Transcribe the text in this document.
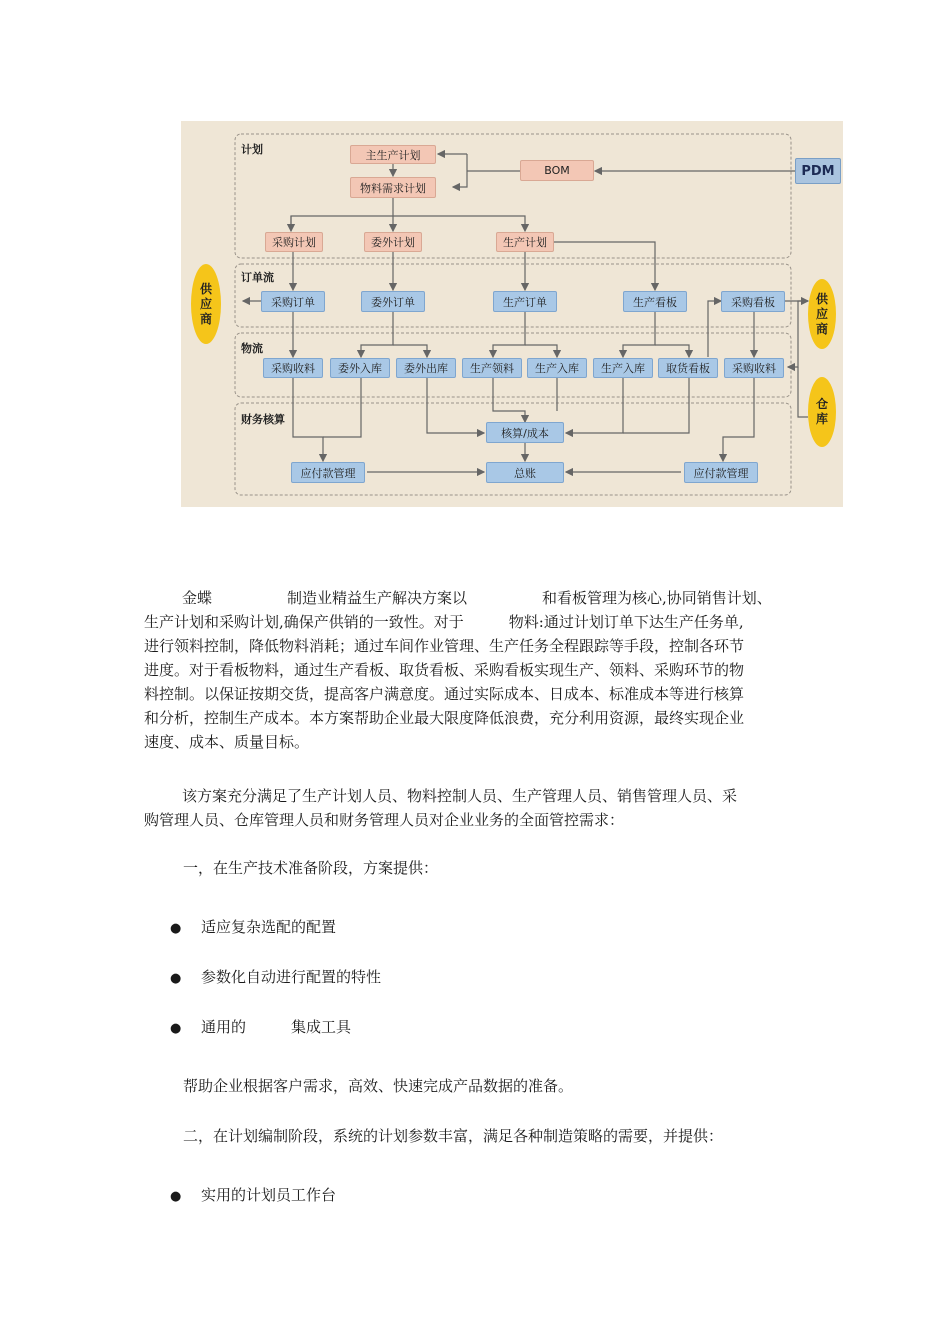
计划
订单流
物流
财务核算
主生产计划
物料需求计划
BOM	PDM
采购计划	委外计划	生产计划
采购订单	委外订单	生产订单	生产看板	采购看板
采购收料	委外入库	委外出库	生产领料	生产入库	生产入库	取货看板	采购收料
核算/成本
应付款管理	总账	应付款管理
供应商
供应商
仓库
金蝶　　　　　制造业精益生产解决方案以　　　　　和看板管理为核心,协同销售计划、
生产计划和采购计划,确保产供销的一致性。对于　　　物料:通过计划订单下达生产任务单,
进行领料控制，降低物料消耗；通过车间作业管理、生产任务全程跟踪等手段，控制各环节
进度。对于看板物料，通过生产看板、取货看板、采购看板实现生产、领料、采购环节的物
料控制。以保证按期交货，提高客户满意度。通过实际成本、日成本、标准成本等进行核算
和分析，控制生产成本。本方案帮助企业最大限度降低浪费，充分利用资源，最终实现企业
速度、成本、质量目标。
该方案充分满足了生产计划人员、物料控制人员、生产管理人员、销售管理人员、采
购管理人员、仓库管理人员和财务管理人员对企业业务的全面管控需求：
一，在生产技术准备阶段，方案提供：
● 适应复杂选配的配置
● 参数化自动进行配置的特性
● 通用的　　　集成工具
帮助企业根据客户需求，高效、快速完成产品数据的准备。
二，在计划编制阶段，系统的计划参数丰富，满足各种制造策略的需要，并提供：
● 实用的计划员工作台
